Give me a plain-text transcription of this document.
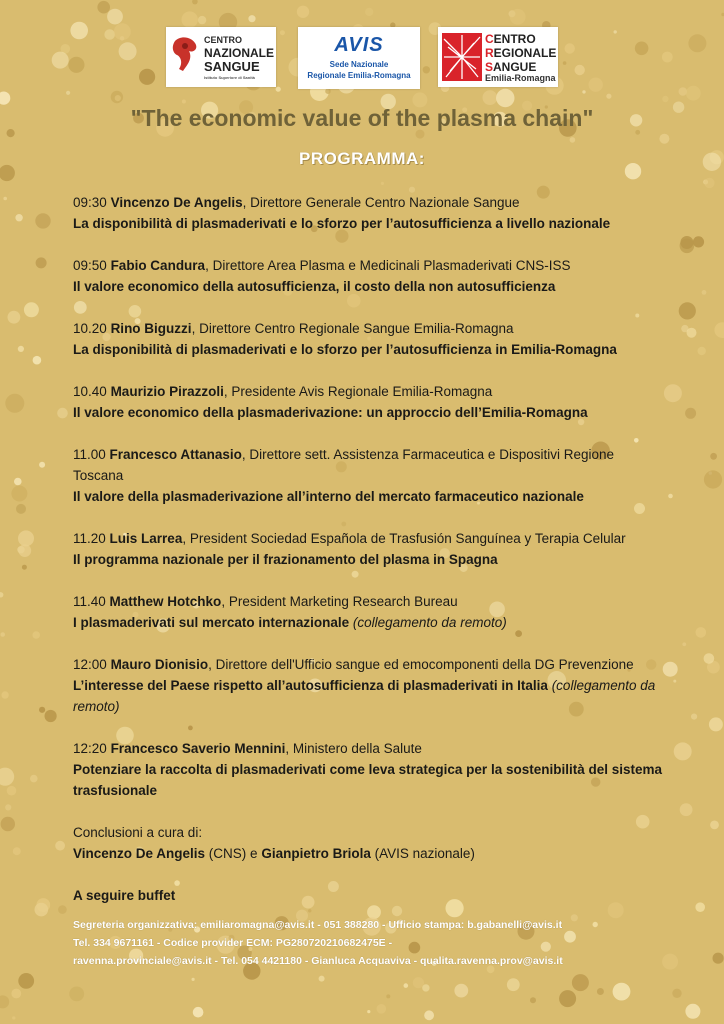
CENTRO
NAZIONALE
SANGUE
Istituto Superiore di Sanità
AVIS
Sede Nazionale
Regionale Emilia-Romagna
CENTRO
REGIONALE
SANGUE
Emilia-Romagna
"The economic value of the plasma chain"
PROGRAMMA:
09:30 Vincenzo De Angelis, Direttore Generale Centro Nazionale Sangue
La disponibilità di plasmaderivati e lo sforzo per l’autosufficienza a livello nazionale
09:50 Fabio Candura, Direttore Area Plasma e Medicinali Plasmaderivati CNS-ISS
Il valore economico della autosufficienza, il costo della non autosufficienza
10.20 Rino Biguzzi, Direttore Centro Regionale Sangue Emilia-Romagna
La disponibilità di plasmaderivati e lo sforzo per l’autosufficienza in Emilia-Romagna
10.40 Maurizio Pirazzoli, Presidente Avis Regionale Emilia-Romagna
Il valore economico della plasmaderivazione: un approccio dell’Emilia-Romagna
11.00 Francesco Attanasio, Direttore sett. Assistenza Farmaceutica e Dispositivi Regione Toscana
Il valore della plasmaderivazione all’interno del mercato farmaceutico nazionale
11.20 Luis Larrea, President Sociedad Española de Trasfusión Sanguínea y Terapia Celular
Il programma nazionale per il frazionamento del plasma in Spagna
11.40 Matthew Hotchko, President Marketing Research Bureau
I plasmaderivati sul mercato internazionale (collegamento da remoto)
12:00 Mauro Dionisio, Direttore dell'Ufficio sangue ed emocomponenti della DG Prevenzione
L’interesse del Paese rispetto all’autosufficienza di plasmaderivati in Italia (collegamento da remoto)
12:20 Francesco Saverio Mennini, Ministero della Salute
Potenziare la raccolta di plasmaderivati come leva strategica per la sostenibilità del sistema trasfusionale
Conclusioni a cura di:
Vincenzo De Angelis (CNS) e Gianpietro Briola (AVIS nazionale)
A seguire buffet
Segreteria organizzativa: emiliaromagna@avis.it - 051 388280 - Ufficio stampa: b.gabanelli@avis.it
Tel. 334 9671161 - Codice provider ECM: PG280720210682475E -
ravenna.provinciale@avis.it - Tel. 054 4421180 - Gianluca Acquaviva - qualita.ravenna.prov@avis.it
